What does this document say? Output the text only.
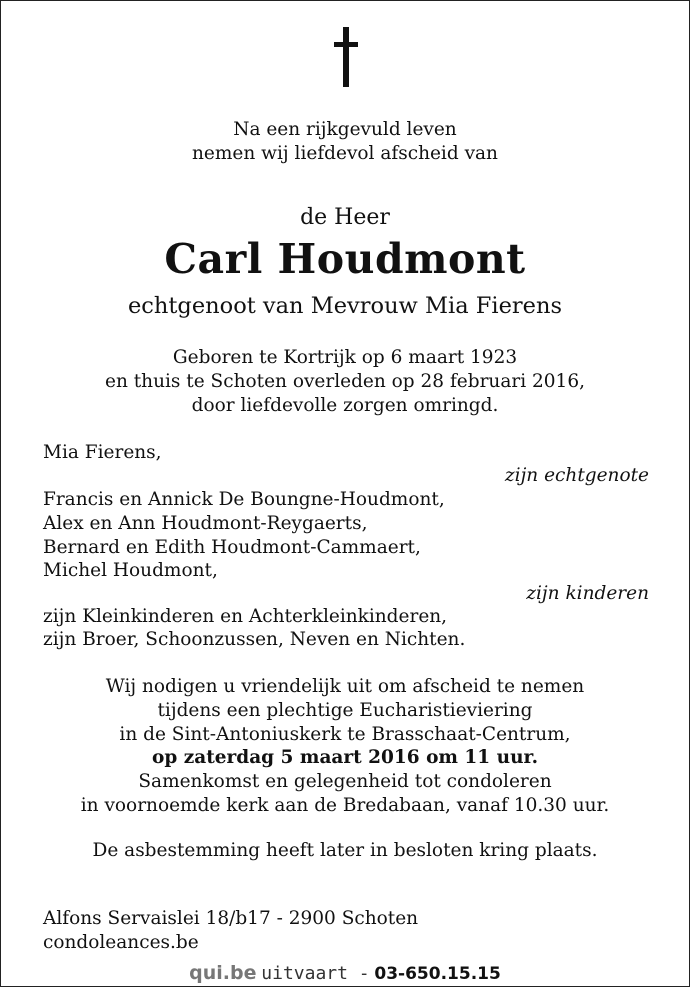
Na een rijkgevuld leven
nemen wij liefdevol afscheid van
de Heer
Carl Houdmont
echtgenoot van Mevrouw Mia Fierens
Geboren te Kortrijk op 6 maart 1923
en thuis te Schoten overleden op 28 februari 2016,
door liefdevolle zorgen omringd.
Mia Fierens,
zijn echtgenote
Francis en Annick De Boungne-Houdmont,
Alex en Ann Houdmont-Reygaerts,
Bernard en Edith Houdmont-Cammaert,
Michel Houdmont,
zijn kinderen
zijn Kleinkinderen en Achterkleinkinderen,
zijn Broer, Schoonzussen, Neven en Nichten.
Wij nodigen u vriendelijk uit om afscheid te nemen
tijdens een plechtige Eucharistieviering
in de Sint-Antoniuskerk te Brasschaat-Centrum,
op zaterdag 5 maart 2016 om 11 uur.
Samenkomst en gelegenheid tot condoleren
in voornoemde kerk aan de Bredabaan, vanaf 10.30 uur.
De asbestemming heeft later in besloten kring plaats.
Alfons Servaislei 18/b17 - 2900 Schoten
condoleances.be
qui.be uitvaart - 03-650.15.15
